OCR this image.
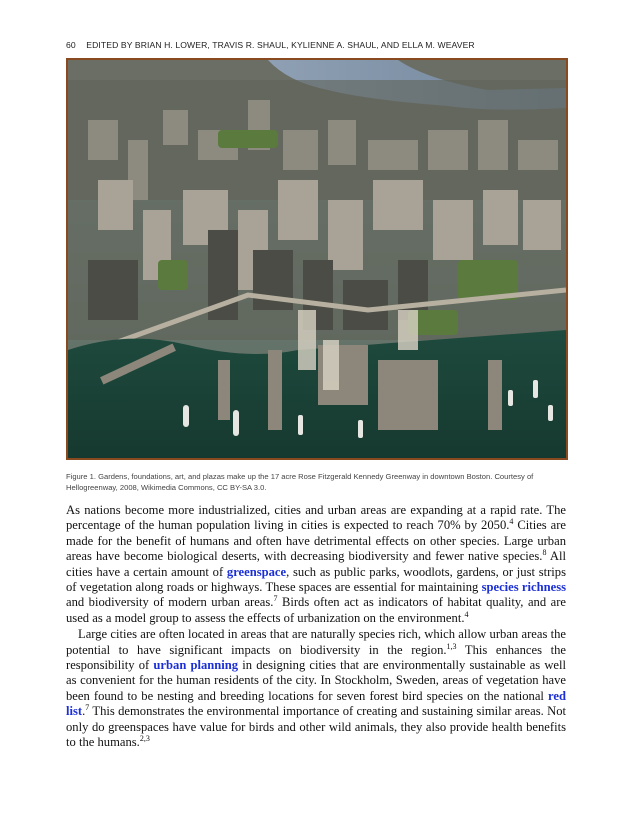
60 EDITED BY BRIAN H. LOWER, TRAVIS R. SHAUL, KYLIENNE A. SHAUL, AND ELLA M. WEAVER
Figure 1. Gardens, foundations, art, and plazas make up the 17 acre Rose Fitzgerald Kennedy Greenway in downtown Boston. Courtesy of Hellogreenway, 2008, Wikimedia Commons, CC BY-SA 3.0.

As nations become more industrialized, cities and urban areas are expanding at a rapid rate. The percentage of the human population living in cities is expected to reach 70% by 2050.$^4$ Cities are made for the benefit of humans and often have detrimental effects on other species. Large urban areas have become biological deserts, with decreasing biodiversity and fewer native species.$^8$ All cities have a certain amount of greenspace, such as public parks, woodlots, gardens, or just strips of vegetation along roads or highways. These spaces are essential for maintaining species richness and biodiversity of modern urban areas.$^7$ Birds often act as indicators of habitat quality, and are used as a model group to assess the effects of urbanization on the environment.$^4$

Large cities are often located in areas that are naturally species rich, which allow urban areas the potential to have significant impacts on biodiversity in the region.$^{1,3}$ This enhances the responsibility of urban planning in designing cities that are environmentally sustainable as well as convenient for the human residents of the city. In Stockholm, Sweden, areas of vegetation have been found to be nesting and breeding locations for seven forest bird species on the national red list.$^7$ This demonstrates the environmental importance of creating and sustaining similar areas. Not only do greenspaces have value for birds and other wild animals, they also provide health benefits to the humans.$^{2,3}$
